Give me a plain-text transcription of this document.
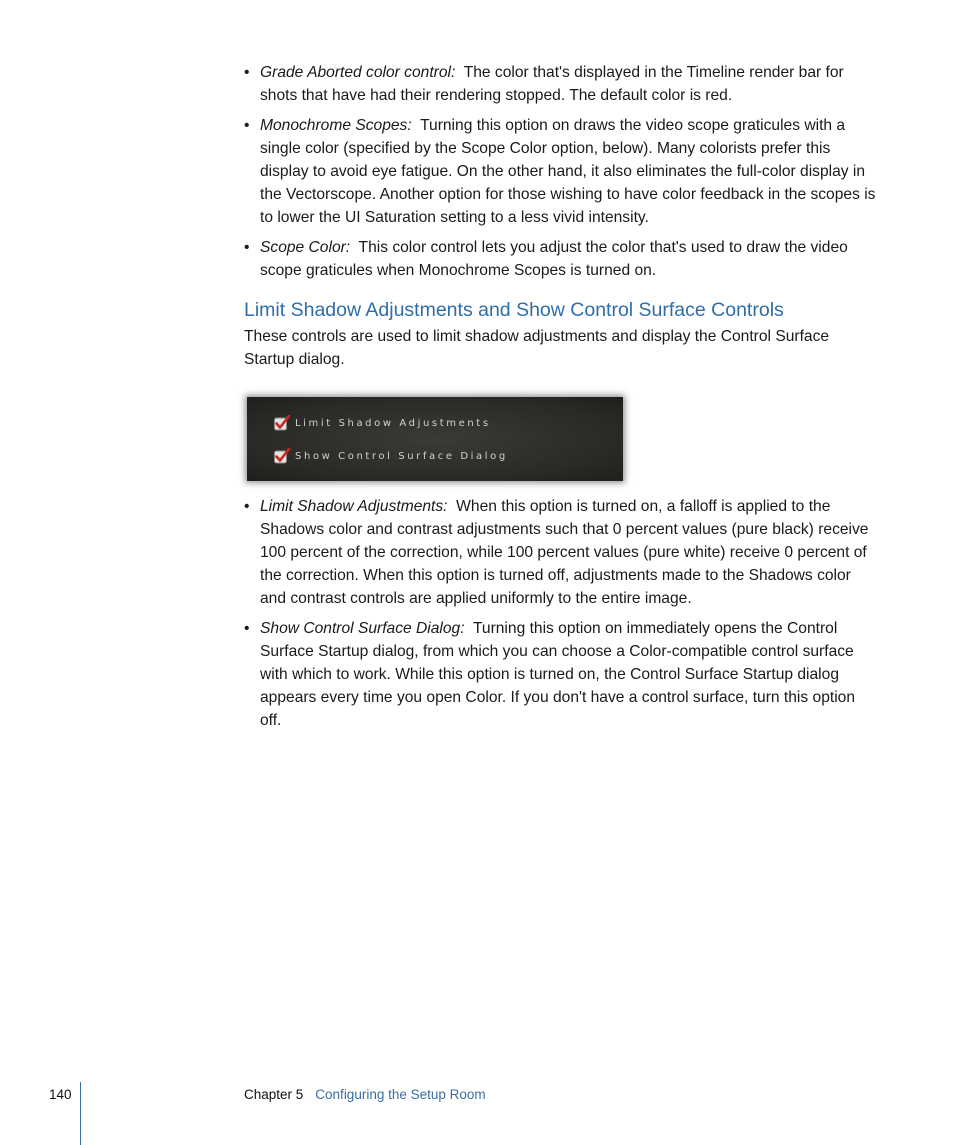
• Grade Aborted color control: The color that's displayed in the Timeline render bar for shots that have had their rendering stopped. The default color is red.
• Monochrome Scopes: Turning this option on draws the video scope graticules with a single color (specified by the Scope Color option, below). Many colorists prefer this display to avoid eye fatigue. On the other hand, it also eliminates the full-color display in the Vectorscope. Another option for those wishing to have color feedback in the scopes is to lower the UI Saturation setting to a less vivid intensity.
• Scope Color: This color control lets you adjust the color that's used to draw the video scope graticules when Monochrome Scopes is turned on.
Limit Shadow Adjustments and Show Control Surface Controls
These controls are used to limit shadow adjustments and display the Control Surface Startup dialog.
Limit Shadow Adjustments
Show Control Surface Dialog
• Limit Shadow Adjustments: When this option is turned on, a falloff is applied to the Shadows color and contrast adjustments such that 0 percent values (pure black) receive 100 percent of the correction, while 100 percent values (pure white) receive 0 percent of the correction. When this option is turned off, adjustments made to the Shadows color and contrast controls are applied uniformly to the entire image.
• Show Control Surface Dialog: Turning this option on immediately opens the Control Surface Startup dialog, from which you can choose a Color-compatible control surface with which to work. While this option is turned on, the Control Surface Startup dialog appears every time you open Color. If you don't have a control surface, turn this option off.
140	Chapter 5 Configuring the Setup Room
